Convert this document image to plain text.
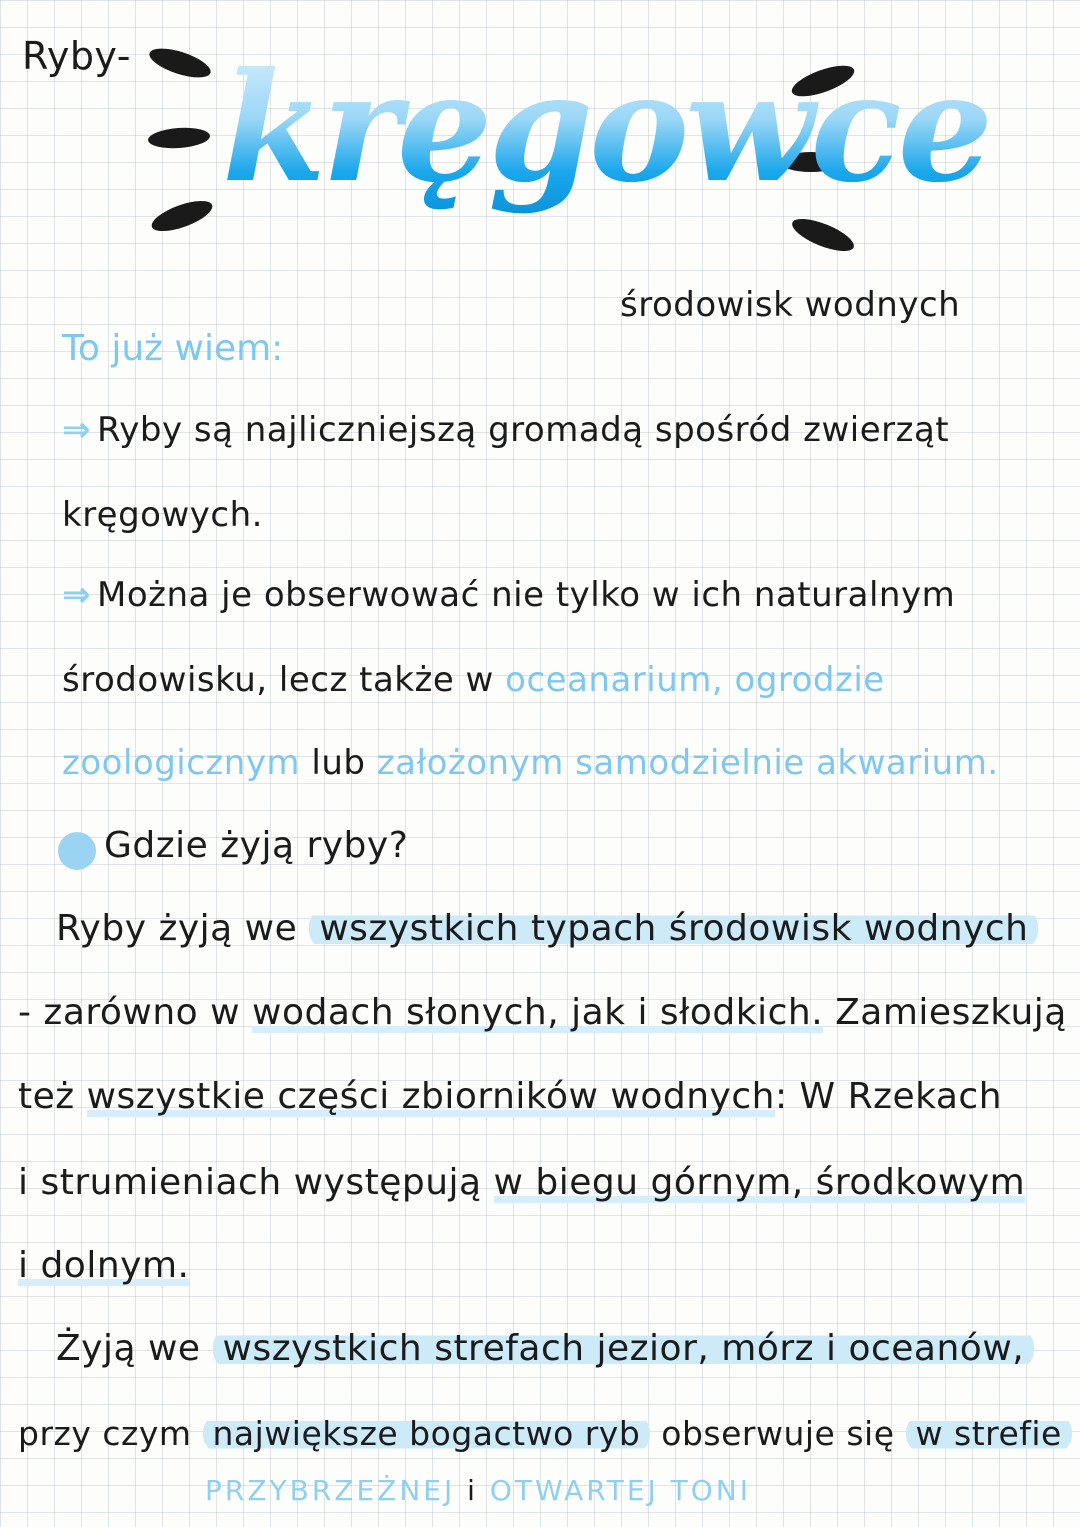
Ryby- kręgowce
środowisk wodnych
To już wiem:
⇒ Ryby są najliczniejszą gromadą spośród zwierząt
kręgowych.
⇒ Można je obserwować nie tylko w ich naturalnym
środowisku, lecz także w oceanarium, ogrodzie
zoologicznym lub założonym samodzielnie akwarium.
Gdzie żyją ryby?
Ryby żyją we wszystkich typach środowisk wodnych
- zarówno w wodach słonych, jak i słodkich. Zamieszkują
też wszystkie części zbiorników wodnych: W Rzekach
i strumieniach występują w biegu górnym, środkowym
i dolnym.
Żyją we wszystkich strefach jezior, mórz i oceanów,
przy czym największe bogactwo ryb obserwuje się w strefie
PRZYBRZEŻNEJ i OTWARTEJ TONI
